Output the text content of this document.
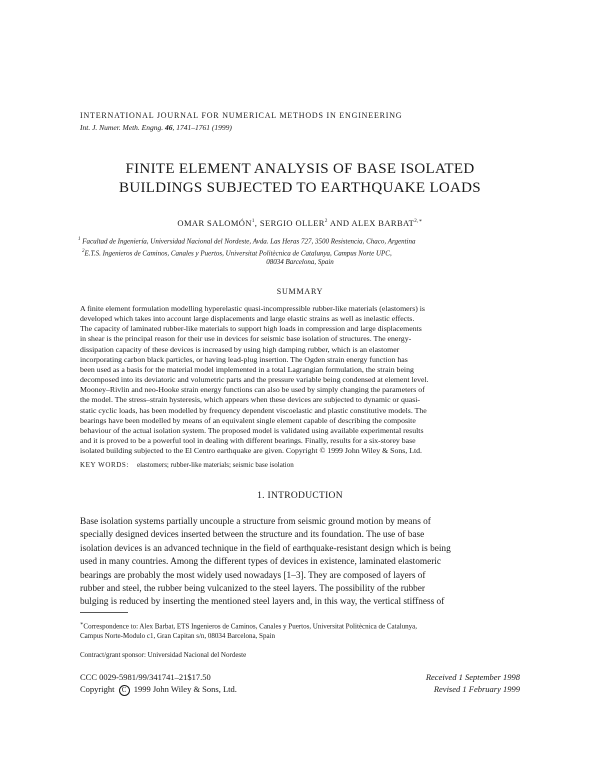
INTERNATIONAL JOURNAL FOR NUMERICAL METHODS IN ENGINEERING
Int. J. Numer. Meth. Engng. 46, 1741–1761 (1999)
FINITE ELEMENT ANALYSIS OF BASE ISOLATED
BUILDINGS SUBJECTED TO EARTHQUAKE LOADS
OMAR SALOMÓN$^1$, SERGIO OLLER$^2$ AND ALEX $BARBAT^{2,∗}$
$^1$ Facultad de Ingeniería, Universidad Nacional del Nordeste, Avda. Las Heras 727, 3500 Resistencia, Chaco, Argentina
$^2$E.T.S. Ingenieros de Caminos, Canales y Puertos, Universitat Politècnica de Catalunya, Campus Norte UPC,
08034 Barcelona, Spain
SUMMARY
A finite element formulation modelling hyperelastic quasi-incompressible rubber-like materials (elastomers) is
developed which takes into account large displacements and large elastic strains as well as inelastic effects.
The capacity of laminated rubber-like materials to support high loads in compression and large displacements
in shear is the principal reason for their use in devices for seismic base isolation of structures. The energy-
dissipation capacity of these devices is increased by using high damping rubber, which is an elastomer
incorporating carbon black particles, or having lead-plug insertion. The Ogden strain energy function has
been used as a basis for the material model implemented in a total Lagrangian formulation, the strain being
decomposed into its deviatoric and volumetric parts and the pressure variable being condensed at element level.
Mooney–Rivlin and neo-Hooke strain energy functions can also be used by simply changing the parameters of
the model. The stress–strain hysteresis, which appears when these devices are subjected to dynamic or quasi-
static cyclic loads, has been modelled by frequency dependent viscoelastic and plastic constitutive models. The
bearings have been modelled by means of an equivalent single element capable of describing the composite
behaviour of the actual isolation system. The proposed model is validated using available experimental results
and it is proved to be a powerful tool in dealing with different bearings. Finally, results for a six-storey base
isolated building subjected to the El Centro earthquake are given. Copyright © 1999 John Wiley & Sons, Ltd.
KEY WORDS: elastomers; rubber-like materials; seismic base isolation
1. INTRODUCTION
Base isolation systems partially uncouple a structure from seismic ground motion by means of
specially designed devices inserted between the structure and its foundation. The use of base
isolation devices is an advanced technique in the field of earthquake-resistant design which is being
used in many countries. Among the different types of devices in existence, laminated elastomeric
bearings are probably the most widely used nowadays [1–3]. They are composed of layers of
rubber and steel, the rubber being vulcanized to the steel layers. The possibility of the rubber
bulging is reduced by inserting the mentioned steel layers and, in this way, the vertical stiffness of
∗Correspondence to: Alex Barbat, ETS Ingenieros de Caminos, Canales y Puertos, Universitat Politècnica de Catalunya,
Campus Norte-Modulo c1, Gran Capitan s/n, 08034 Barcelona, Spain
Contract/grant sponsor: Universidad Nacional del Nordeste
CCC 0029-5981/99/341741–21$17.50
Copyright C 1999 John Wiley & Sons, Ltd.
Received 1 September 1998
Revised 1 February 1999
